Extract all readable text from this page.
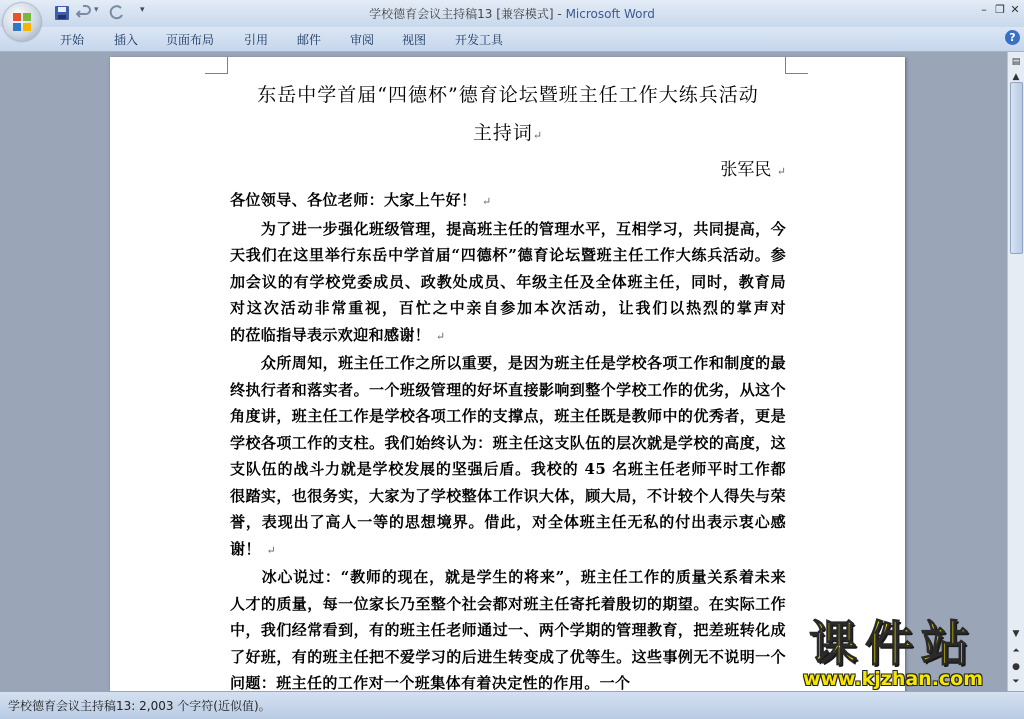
▾	▾	学校德育会议主持稿13 [兼容模式] - Microsoft Word	– ❐ ✕
开始 插入 页面布局 引用 邮件 审阅 视图 开发工具	?
东岳中学首届“四德杯”德育论坛暨班主任工作大练兵活动
主持词↵
张军民 ↵

各位领导、各位老师：大家上午好！ ↵

　　为了进一步强化班级管理，提高班主任的管理水平，互相学习，共同提高，今天我们在这里举行东岳中学首届“四德杯”德育论坛暨班主任工作大练兵活动。参加会议的有学校党委成员、政教处成员、年级主任及全体班主任，同时，教育局　　　对这次活动非常重视，百忙之中亲自参加本次活动，让我们以热烈的掌声对　　　的莅临指导表示欢迎和感谢！ ↵

　　众所周知，班主任工作之所以重要，是因为班主任是学校各项工作和制度的最终执行者和落实者。一个班级管理的好坏直接影响到整个学校工作的优劣，从这个角度讲，班主任工作是学校各项工作的支撑点，班主任既是教师中的优秀者，更是学校各项工作的支柱。我们始终认为：班主任这支队伍的层次就是学校的高度，这支队伍的战斗力就是学校发展的坚强后盾。我校的 45 名班主任老师平时工作都很踏实，也很务实，大家为了学校整体工作识大体，顾大局，不计较个人得失与荣誉，表现出了高人一等的思想境界。借此，对全体班主任无私的付出表示衷心感谢！ ↵

　　冰心说过：“教师的现在，就是学生的将来”，班主任工作的质量关系着未来人才的质量，每一位家长乃至整个社会都对班主任寄托着殷切的期望。在实际工作中，我们经常看到，有的班主任老师通过一、两个学期的管理教育，把差班转化成了好班，有的班主任把不爱学习的后进生转变成了优等生。这些事例无不说明一个问题：班主任的工作对一个班集体有着决定性的作用。一个

▤
▲
▼
⏶
●
⏷
学校德育会议主持稿13: 2,003 个字符(近似值)。
课件站
www.kjzhan.com
